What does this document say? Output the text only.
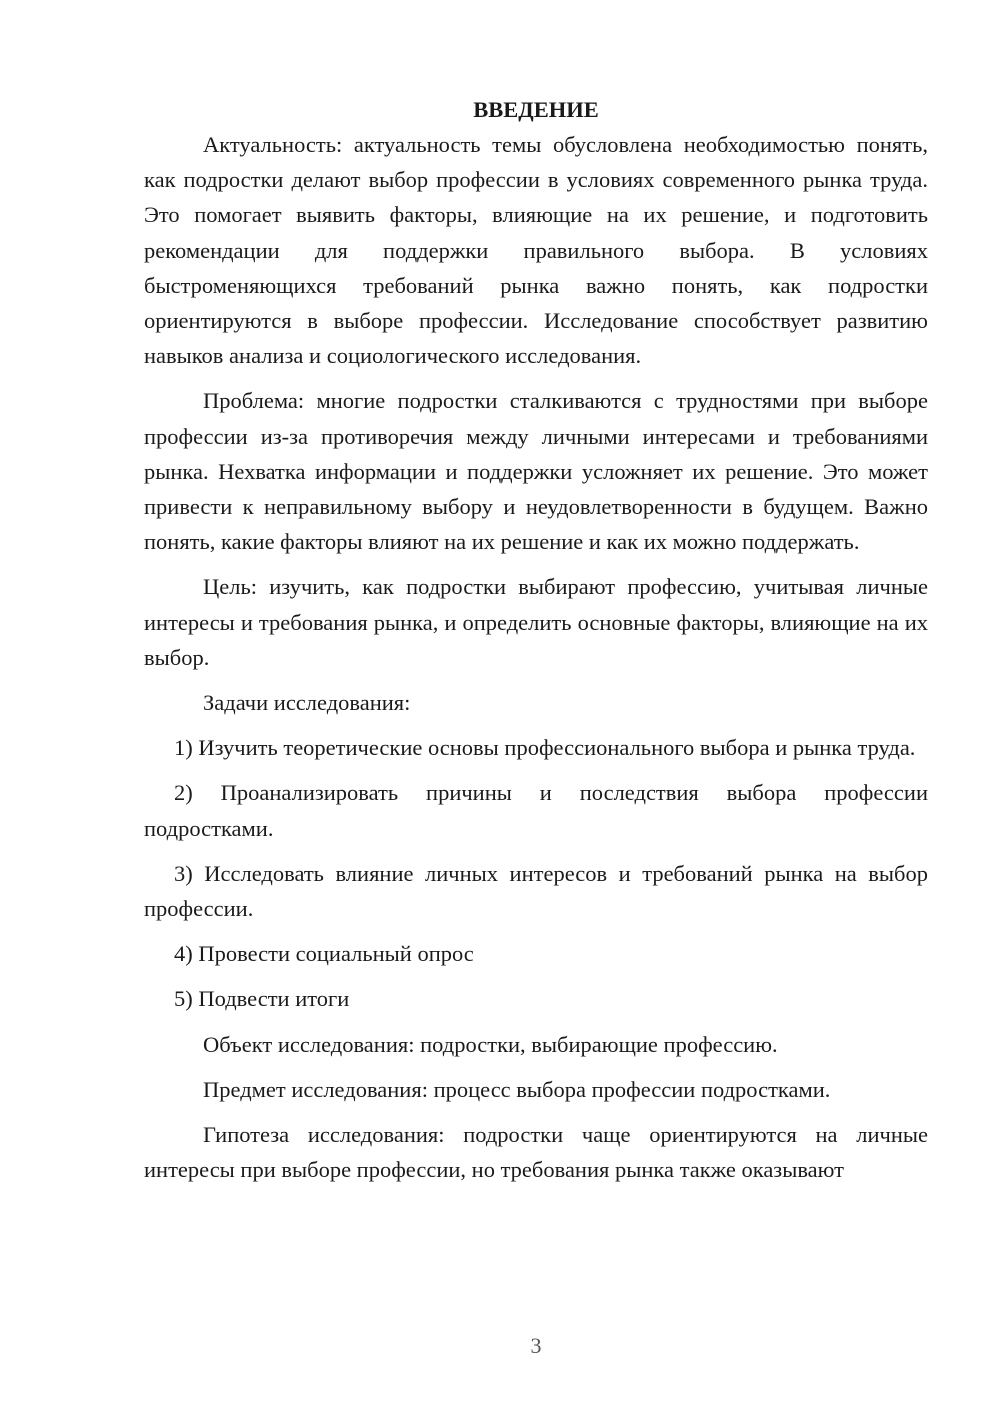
ВВЕДЕНИЕ

Актуальность: актуальность темы обусловлена необходимостью понять, как подростки делают выбор профессии в условиях современного рынка труда. Это помогает выявить факторы, влияющие на их решение, и подготовить рекомендации для поддержки правильного выбора. В условиях быстроменяющихся требований рынка важно понять, как подростки ориентируются в выборе профессии. Исследование способствует развитию навыков анализа и социологического исследования.

Проблема: многие подростки сталкиваются с трудностями при выборе профессии из-за противоречия между личными интересами и требованиями рынка. Нехватка информации и поддержки усложняет их решение. Это может привести к неправильному выбору и неудовлетворенности в будущем. Важно понять, какие факторы влияют на их решение и как их можно поддержать.

Цель: изучить, как подростки выбирают профессию, учитывая личные интересы и требования рынка, и определить основные факторы, влияющие на их выбор.

Задачи исследования:

1) Изучить теоретические основы профессионального выбора и рынка труда.

2) Проанализировать причины и последствия выбора профессии подростками.

3) Исследовать влияние личных интересов и требований рынка на выбор профессии.

4) Провести социальный опрос

5) Подвести итоги

Объект исследования: подростки, выбирающие профессию.

Предмет исследования: процесс выбора профессии подростками.

Гипотеза исследования: подростки чаще ориентируются на личные интересы при выборе профессии, но требования рынка также оказывают

3
